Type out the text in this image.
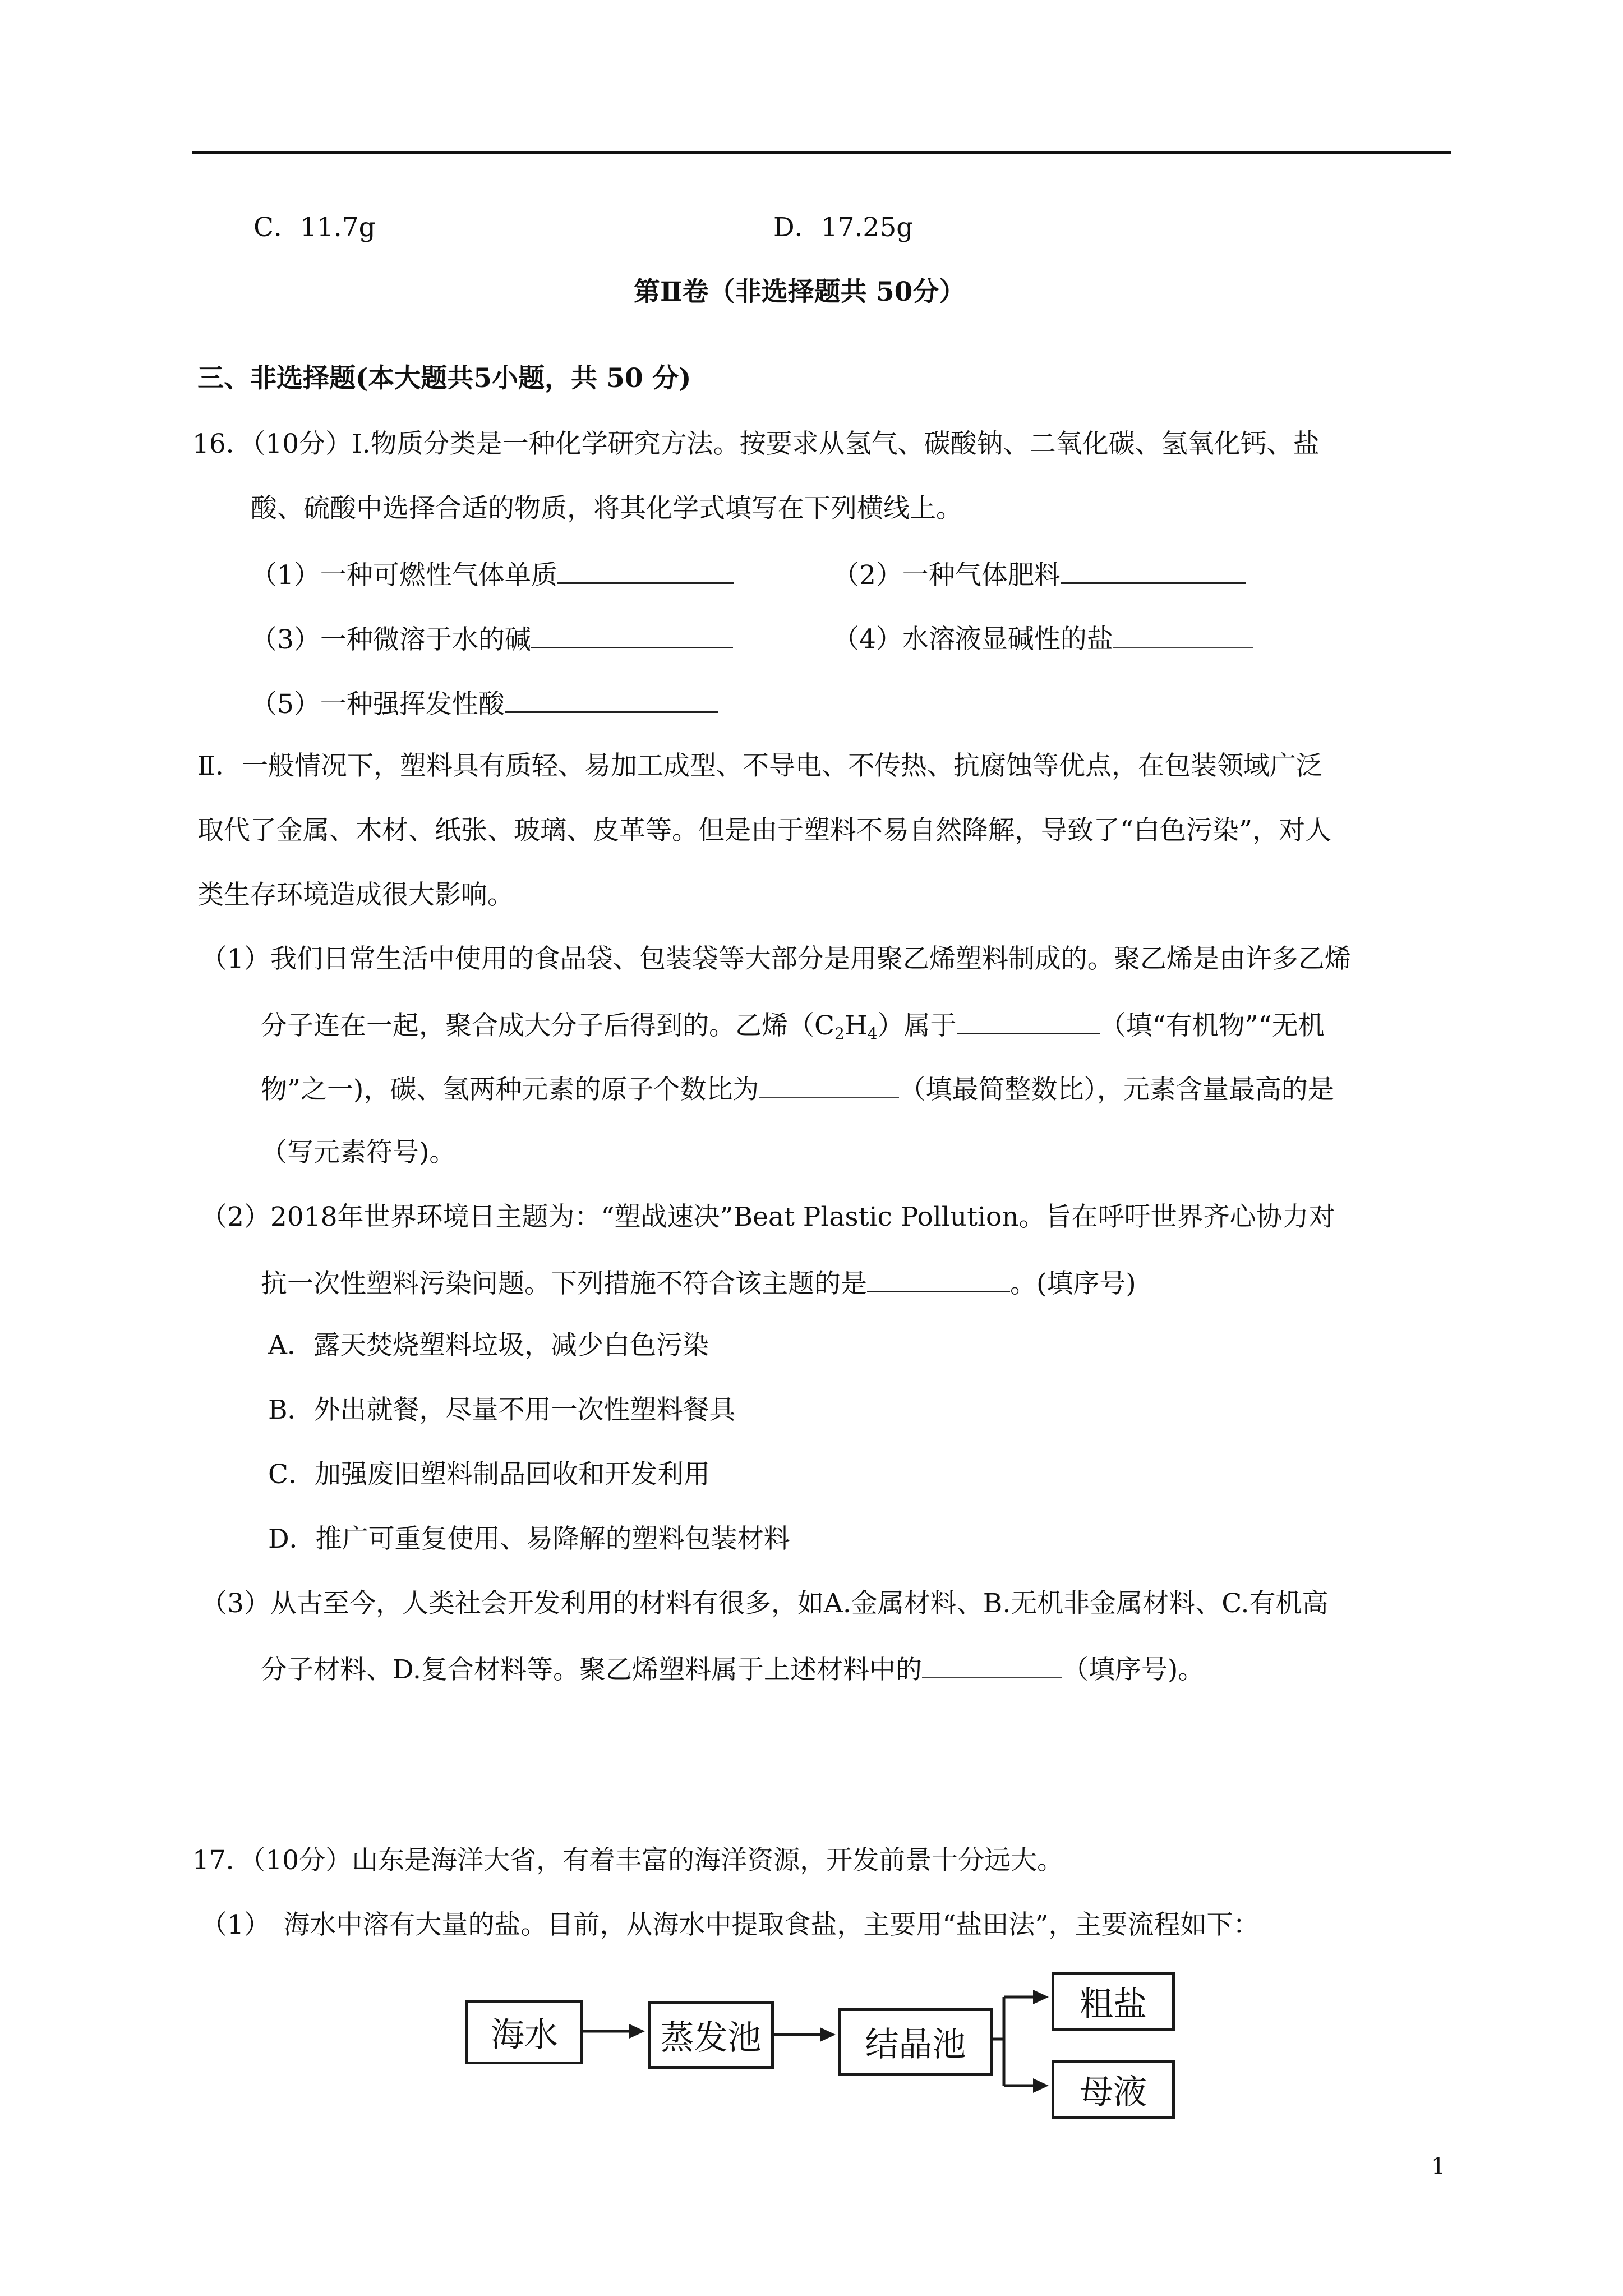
C．11.7g	D．17.25g
第Ⅱ卷（非选择题共 50分）
三、非选择题(本大题共5小题，共 50 分)
16．（10分）Ⅰ.物质分类是一种化学研究方法。按要求从氢气、碳酸钠、二氧化碳、氢氧化钙、盐
酸、硫酸中选择合适的物质，将其化学式填写在下列横线上。
（1）一种可燃性气体单质	（2）一种气体肥料
（3）一种微溶于水的碱	（4）水溶液显碱性的盐
（5）一种强挥发性酸
Ⅱ．一般情况下，塑料具有质轻、易加工成型、不导电、不传热、抗腐蚀等优点，在包装领域广泛
取代了金属、木材、纸张、玻璃、皮革等。但是由于塑料不易自然降解，导致了“白色污染”，对人
类生存环境造成很大影响。
（1）我们日常生活中使用的食品袋、包装袋等大部分是用聚乙烯塑料制成的。聚乙烯是由许多乙烯
分子连在一起，聚合成大分子后得到的。乙烯$(C_2H_4)$属于	（填“有机物”“无机
物”之一)，碳、氢两种元素的原子个数比为	（填最简整数比），元素含量最高的是
（写元素符号)。
（2）2018年世界环境日主题为：“塑战速决”Beat Plastic Pollution。旨在呼吁世界齐心协力对
抗一次性塑料污染问题。下列措施不符合该主题的是	。(填序号)
A．露天焚烧塑料垃圾，减少白色污染
B．外出就餐，尽量不用一次性塑料餐具
C．加强废旧塑料制品回收和开发利用
D．推广可重复使用、易降解的塑料包装材料
（3）从古至今，人类社会开发利用的材料有很多，如A.金属材料、B.无机非金属材料、C.有机高
分子材料、D.复合材料等。聚乙烯塑料属于上述材料中的	（填序号)。
17．（10分）山东是海洋大省，有着丰富的海洋资源，开发前景十分远大。
（1）　海水中溶有大量的盐。目前，从海水中提取食盐，主要用“盐田法”，主要流程如下：
海水	蒸发池	结晶池
粗盐
母液
1
